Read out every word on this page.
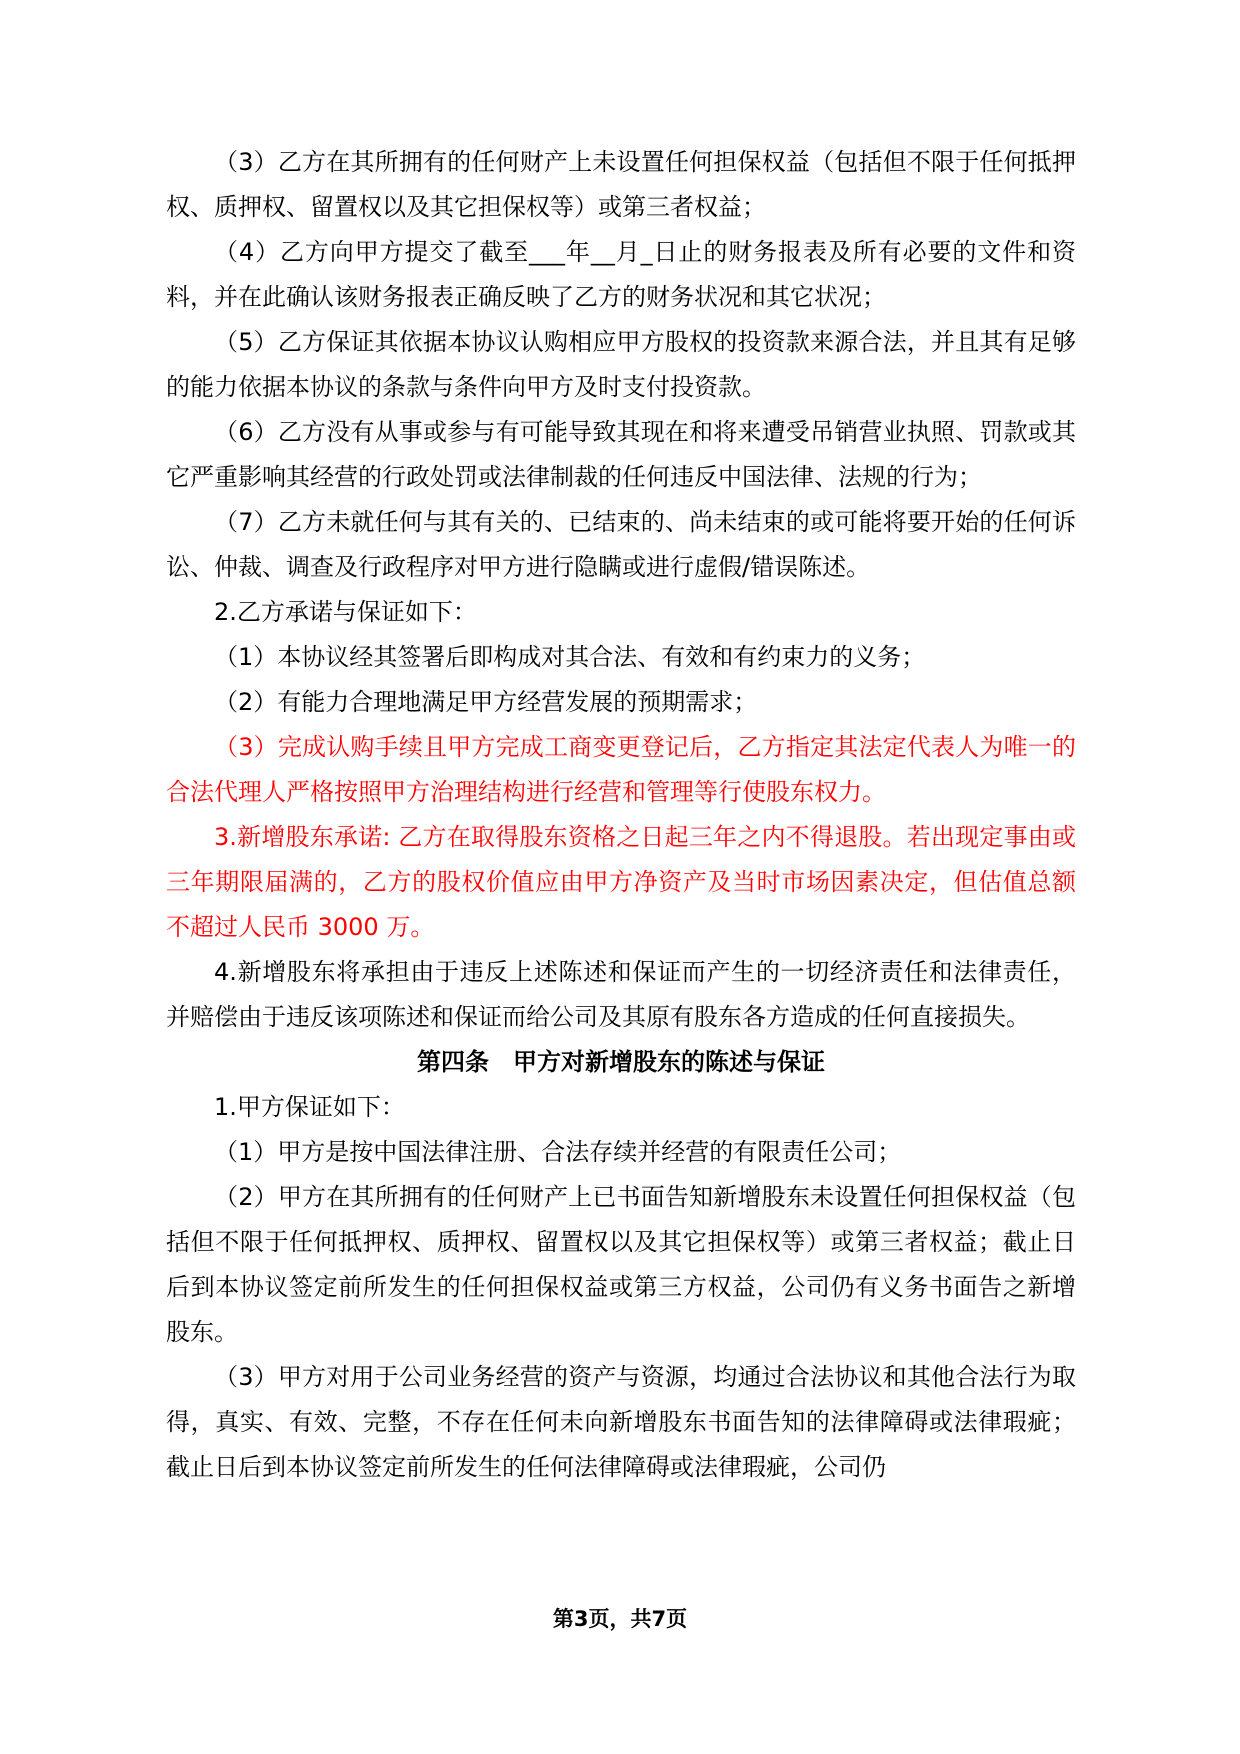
（3）乙方在其所拥有的任何财产上未设置任何担保权益（包括但不限于任何抵押权、质押权、留置权以及其它担保权等）或第三者权益；

（4）乙方向甲方提交了截至___年__月_日止的财务报表及所有必要的文件和资料，并在此确认该财务报表正确反映了乙方的财务状况和其它状况；

（5）乙方保证其依据本协议认购相应甲方股权的投资款来源合法，并且其有足够的能力依据本协议的条款与条件向甲方及时支付投资款。

（6）乙方没有从事或参与有可能导致其现在和将来遭受吊销营业执照、罚款或其它严重影响其经营的行政处罚或法律制裁的任何违反中国法律、法规的行为；

（7）乙方未就任何与其有关的、已结束的、尚未结束的或可能将要开始的任何诉讼、仲裁、调查及行政程序对甲方进行隐瞒或进行虚假/错误陈述。

2.乙方承诺与保证如下：

（1）本协议经其签署后即构成对其合法、有效和有约束力的义务；

（2）有能力合理地满足甲方经营发展的预期需求；

（3）完成认购手续且甲方完成工商变更登记后，乙方指定其法定代表人为唯一的合法代理人严格按照甲方治理结构进行经营和管理等行使股东权力。

3.新增股东承诺: 乙方在取得股东资格之日起三年之内不得退股。若出现定事由或三年期限届满的，乙方的股权价值应由甲方净资产及当时市场因素决定，但估值总额不超过人民币 3000 万。

4.新增股东将承担由于违反上述陈述和保证而产生的一切经济责任和法律责任，并赔偿由于违反该项陈述和保证而给公司及其原有股东各方造成的任何直接损失。

第四条　甲方对新增股东的陈述与保证

1.甲方保证如下：

（1）甲方是按中国法律注册、合法存续并经营的有限责任公司；

（2）甲方在其所拥有的任何财产上已书面告知新增股东未设置任何担保权益（包括但不限于任何抵押权、质押权、留置权以及其它担保权等）或第三者权益；截止日后到本协议签定前所发生的任何担保权益或第三方权益，公司仍有义务书面告之新增股东。

（3）甲方对用于公司业务经营的资产与资源，均通过合法协议和其他合法行为取得，真实、有效、完整，不存在任何未向新增股东书面告知的法律障碍或法律瑕疵；截止日后到本协议签定前所发生的任何法律障碍或法律瑕疵，公司仍

第3页，共7页
